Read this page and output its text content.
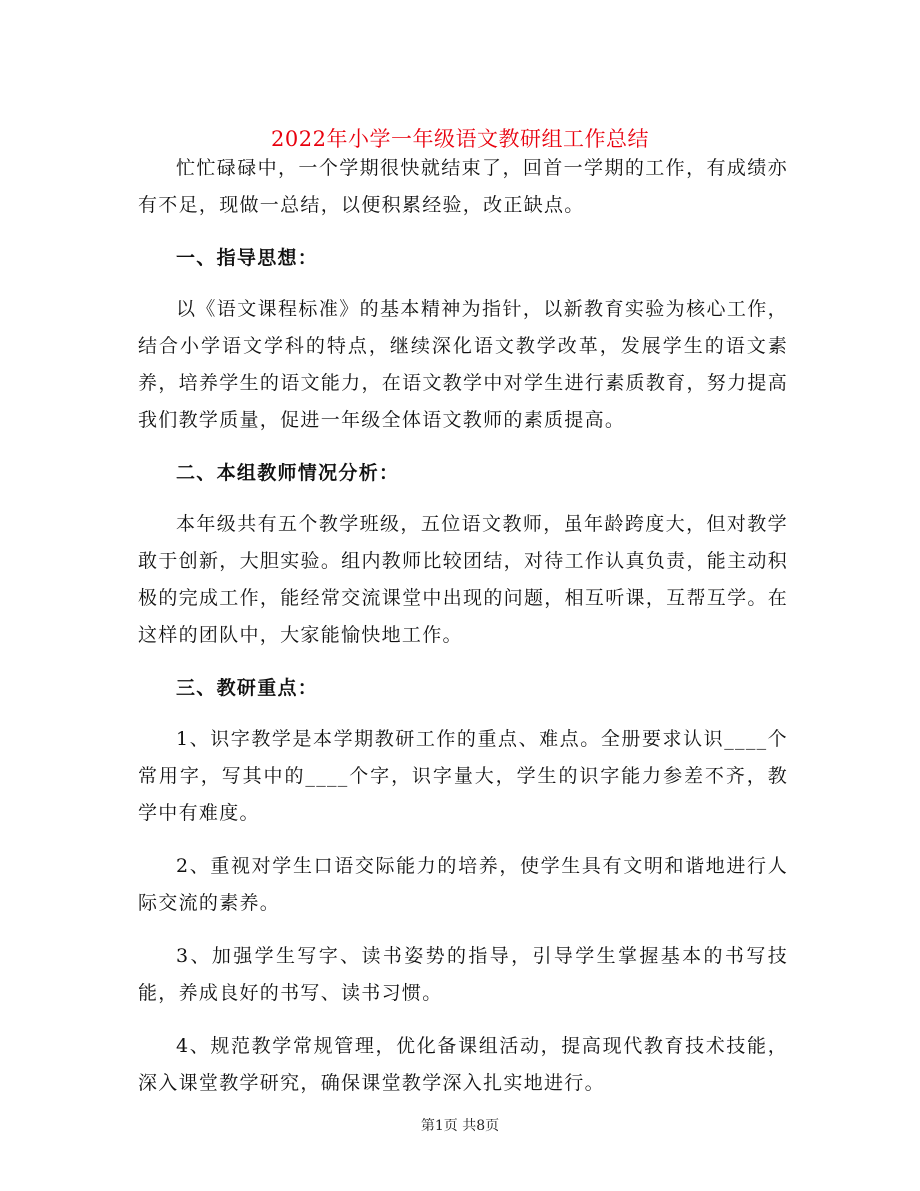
2022年小学一年级语文教研组工作总结

忙忙碌碌中，一个学期很快就结束了，回首一学期的工作，有成绩亦有不足，现做一总结，以便积累经验，改正缺点。

一、指导思想：

以《语文课程标准》的基本精神为指针，以新教育实验为核心工作，结合小学语文学科的特点，继续深化语文教学改革，发展学生的语文素养，培养学生的语文能力，在语文教学中对学生进行素质教育，努力提高我们教学质量，促进一年级全体语文教师的素质提高。

二、本组教师情况分析：

本年级共有五个教学班级，五位语文教师，虽年龄跨度大，但对教学敢于创新，大胆实验。组内教师比较团结，对待工作认真负责，能主动积极的完成工作，能经常交流课堂中出现的问题，相互听课，互帮互学。在这样的团队中，大家能愉快地工作。

三、教研重点：

1、识字教学是本学期教研工作的重点、难点。全册要求认识____个常用字，写其中的____个字，识字量大，学生的识字能力参差不齐，教学中有难度。

2、重视对学生口语交际能力的培养，使学生具有文明和谐地进行人际交流的素养。

3、加强学生写字、读书姿势的指导，引导学生掌握基本的书写技能，养成良好的书写、读书习惯。

4、规范教学常规管理，优化备课组活动，提高现代教育技术技能，深入课堂教学研究，确保课堂教学深入扎实地进行。

第1页 共8页
